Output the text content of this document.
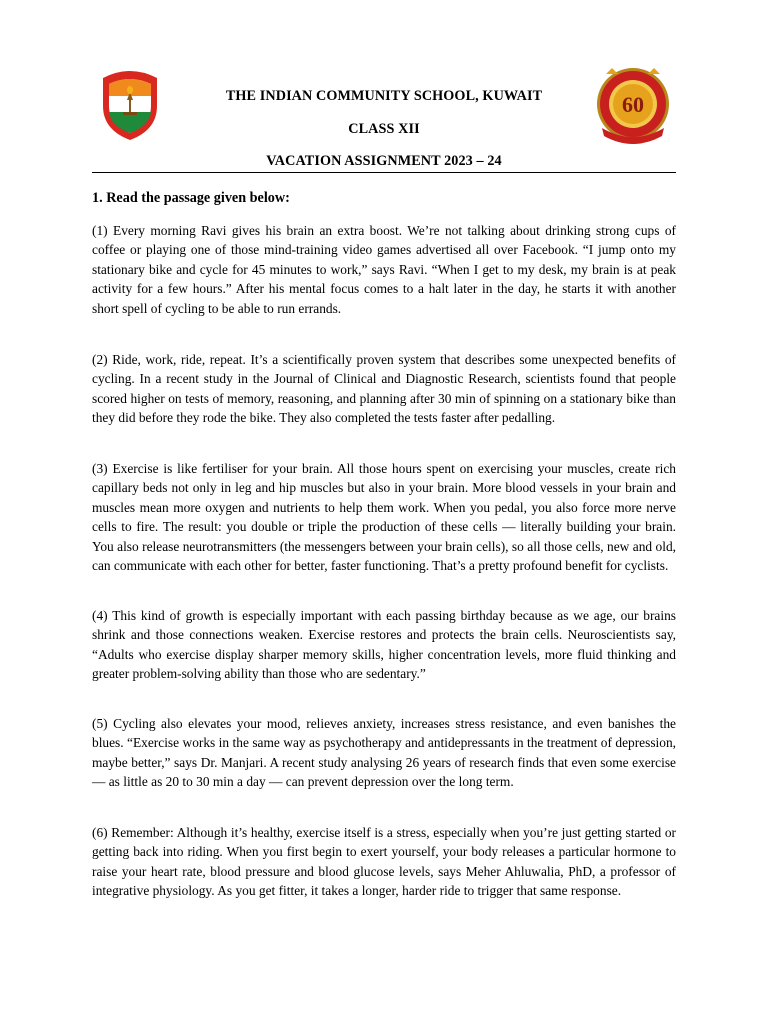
60
THE INDIAN COMMUNITY SCHOOL, KUWAIT
CLASS XII
VACATION ASSIGNMENT 2023 – 24
1. Read the passage given below:

(1) Every morning Ravi gives his brain an extra boost. We’re not talking about drinking strong cups of coffee or playing one of those mind-training video games advertised all over Facebook. “I jump onto my stationary bike and cycle for 45 minutes to work,” says Ravi. “When I get to my desk, my brain is at peak activity for a few hours.” After his mental focus comes to a halt later in the day, he starts it with another short spell of cycling to be able to run errands.

(2) Ride, work, ride, repeat. It’s a scientifically proven system that describes some unexpected benefits of cycling. In a recent study in the Journal of Clinical and Diagnostic Research, scientists found that people scored higher on tests of memory, reasoning, and planning after 30 min of spinning on a stationary bike than they did before they rode the bike. They also completed the tests faster after pedalling.

(3) Exercise is like fertiliser for your brain. All those hours spent on exercising your muscles, create rich capillary beds not only in leg and hip muscles but also in your brain. More blood vessels in your brain and muscles mean more oxygen and nutrients to help them work. When you pedal, you also force more nerve cells to fire. The result: you double or triple the production of these cells — literally building your brain. You also release neurotransmitters (the messengers between your brain cells), so all those cells, new and old, can communicate with each other for better, faster functioning. That’s a pretty profound benefit for cyclists.

(4) This kind of growth is especially important with each passing birthday because as we age, our brains shrink and those connections weaken. Exercise restores and protects the brain cells. Neuroscientists say, “Adults who exercise display sharper memory skills, higher concentration levels, more fluid thinking and greater problem-solving ability than those who are sedentary.”

(5) Cycling also elevates your mood, relieves anxiety, increases stress resistance, and even banishes the blues. “Exercise works in the same way as psychotherapy and antidepressants in the treatment of depression, maybe better,” says Dr. Manjari. A recent study analysing 26 years of research finds that even some exercise — as little as 20 to 30 min a day — can prevent depression over the long term.

(6) Remember: Although it’s healthy, exercise itself is a stress, especially when you’re just getting started or getting back into riding. When you first begin to exert yourself, your body releases a particular hormone to raise your heart rate, blood pressure and blood glucose levels, says Meher Ahluwalia, PhD, a professor of integrative physiology. As you get fitter, it takes a longer, harder ride to trigger that same response.
